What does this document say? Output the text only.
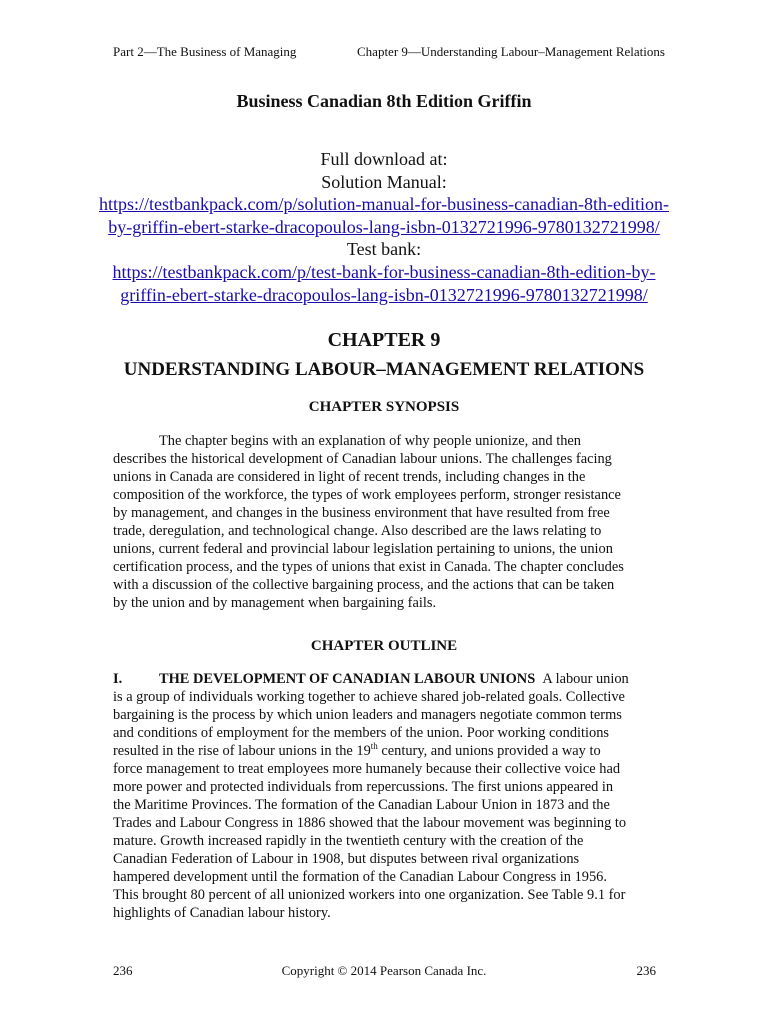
Part 2—The Business of Managing	Chapter 9—Understanding Labour–Management Relations
Business Canadian 8th Edition Griffin
Full download at:
Solution Manual:
https://testbankpack.com/p/solution-manual-for-business-canadian-8th-edition-
by-griffin-ebert-starke-dracopoulos-lang-isbn-0132721996-9780132721998/
Test bank:
https://testbankpack.com/p/test-bank-for-business-canadian-8th-edition-by-
griffin-ebert-starke-dracopoulos-lang-isbn-0132721996-9780132721998/
CHAPTER 9
UNDERSTANDING LABOUR–MANAGEMENT RELATIONS
CHAPTER SYNOPSIS
The chapter begins with an explanation of why people unionize, and then
describes the historical development of Canadian labour unions. The challenges facing
unions in Canada are considered in light of recent trends, including changes in the
composition of the workforce, the types of work employees perform, stronger resistance
by management, and changes in the business environment that have resulted from free
trade, deregulation, and technological change. Also described are the laws relating to
unions, current federal and provincial labour legislation pertaining to unions, the union
certification process, and the types of unions that exist in Canada. The chapter concludes
with a discussion of the collective bargaining process, and the actions that can be taken
by the union and by management when bargaining fails.
CHAPTER OUTLINE
I.	THE DEVELOPMENT OF CANADIAN LABOUR UNIONS A labour union
is a group of individuals working together to achieve shared job-related goals. Collective
bargaining is the process by which union leaders and managers negotiate common terms
and conditions of employment for the members of the union. Poor working conditions
resulted in the rise of labour unions in the 19th century, and unions provided a way to
force management to treat employees more humanely because their collective voice had
more power and protected individuals from repercussions. The first unions appeared in
the Maritime Provinces. The formation of the Canadian Labour Union in 1873 and the
Trades and Labour Congress in 1886 showed that the labour movement was beginning to
mature. Growth increased rapidly in the twentieth century with the creation of the
Canadian Federation of Labour in 1908, but disputes between rival organizations
hampered development until the formation of the Canadian Labour Congress in 1956.
This brought 80 percent of all unionized workers into one organization. See Table 9.1 for
highlights of Canadian labour history.
236	Copyright © 2014 Pearson Canada Inc.	236
